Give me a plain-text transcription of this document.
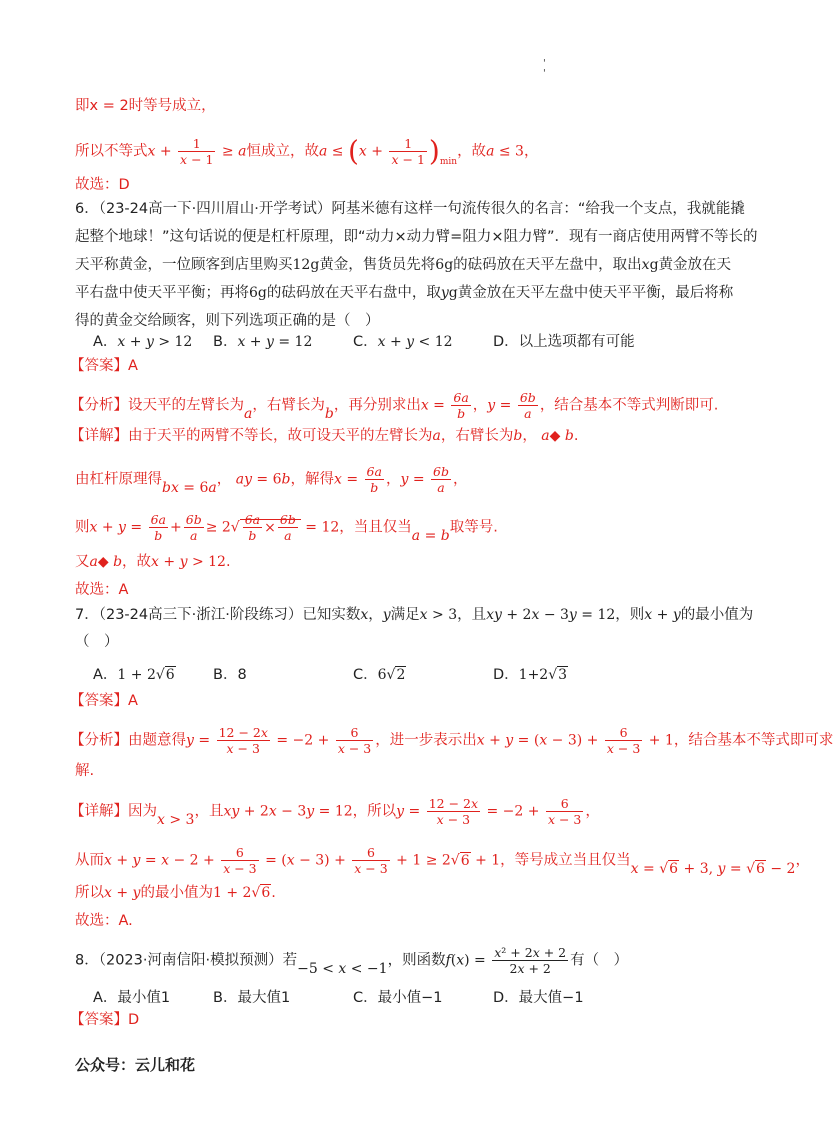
'
'
即x = 2时等号成立，
所以不等式$x + \frac{1}{x - 1} \ge a$恒成立，故$a \le (x + \frac{1}{x - 1} )_{min}$，故a ≤ 3，
故选：D
6．（23-24高一下·四川眉山·开学考试）阿基米德有这样一句流传很久的名言：“给我一个支点，我就能撬
起整个地球！”这句话说的便是杠杆原理，即“动力×动力臂=阻力×阻力臂”．现有一商店使用两臂不等长的
天平称黄金，一位顾客到店里购买12g黄金，售货员先将6g的砝码放在天平左盘中，取出xg黄金放在天
平右盘中使天平平衡；再将6g的砝码放在天平右盘中，取yg黄金放在天平左盘中使天平平衡，最后将称
得的黄金交给顾客，则下列选项正确的是（　）
A．x + y > 12 B．x + y = 12	C．x + y < 12	D．以上选项都有可能
【答案】A
【分析】设天平的左臂长为a，右臂长为b，再分别求出$x = \frac{6a}{b}$ ，$y = \frac{6b}{a}$ ，结合基本不等式判断即可.
【详解】由于天平的两臂不等长，故可设天平的左臂长为a，右臂长为b， a◆ b.
由杠杆原理得bx = 6a， ay = 6b，解得$x = \frac{6a}{b}$ ，$y = \frac{6b}{a}$ ，
则$x + y = \frac{6a}{b} + \frac{6b}{a} \ge 2√ \frac{6a}{b} \times \frac{6b}{a} = 12$，当且仅当a = b取等号.
又a◆ b，故x + y > 12.
故选：A
7．（23-24高三下·浙江·阶段练习）已知实数x，y满足x > 3，且xy + 2x − 3y = 12，则x + y的最小值为
（　）
A．1 + 2√6	B．8	C．6√2	D．1+2√3
【答案】A
【分析】由题意得$y = \frac{12 - 2x}{x - 3} = -2 + \frac{6}{x - 3}$ ，进一步表示出$x + y = (x - 3) + \frac{6}{x - 3} + 1$，结合基本不等式即可求
解.
【详解】因为x > 3，且xy + 2x − 3y = 12，所以$y = \frac{12 - 2x}{x - 3} = -2 + \frac{6}{x - 3}$ ，
从而$x + y = x - 2 + \frac{6}{x - 3} = (x - 3) + \frac{6}{x - 3} + 1 \ge 2√6 + 1$，等号成立当且仅当x = √6 + 3, y = √6 − 2，
所以x + y的最小值为1 + 2√6.
故选：A.
8．（2023·河南信阳·模拟预测）若−5 < x < −1，则函数$f(x) = \frac{\text{x² + 2x + 2}}{2x + 2}$ 有（　）
A．最小值1	B．最大值1	C．最小值−1	D．最大值−1
【答案】D
公众号：云儿和花
